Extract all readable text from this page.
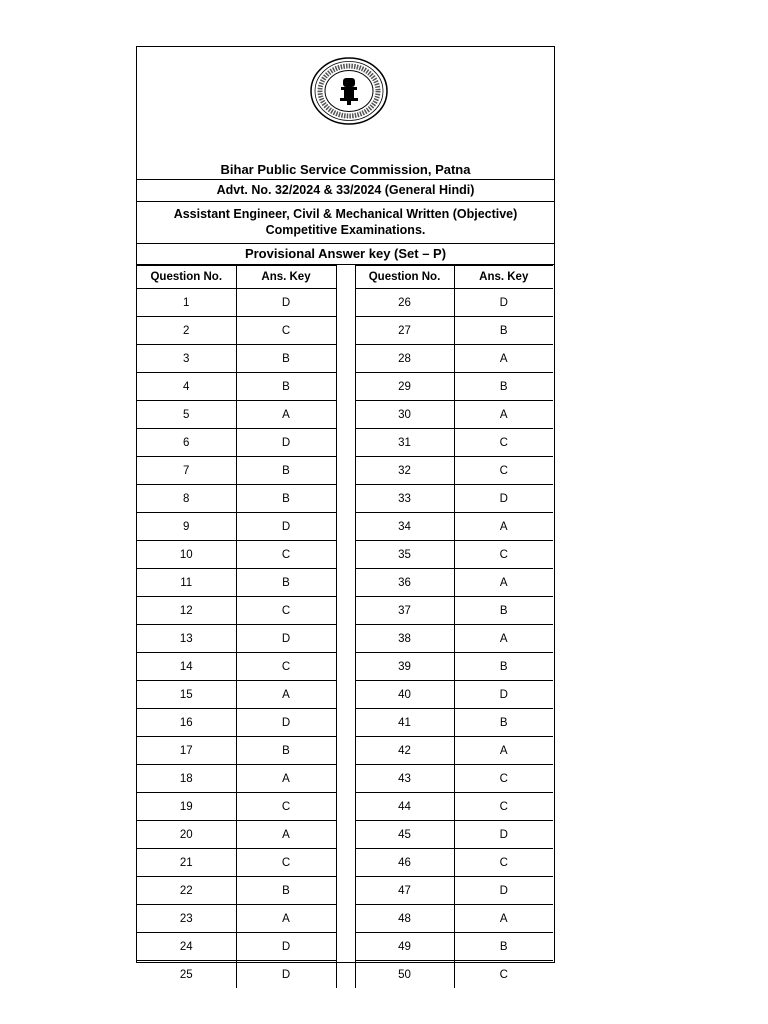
Bihar Public Service Commission, Patna
Advt. No. 32/2024 & 33/2024 (General Hindi)
Assistant Engineer, Civil & Mechanical Written (Objective)
Competitive Examinations.
Provisional Answer key (Set – P)
Question No.	Ans. Key		Question No.	Ans. Key
1	D		26	D
2	C		27	B
3	B		28	A
4	B		29	B
5	A		30	A
6	D		31	C
7	B		32	C
8	B		33	D
9	D		34	A
10	C		35	C
11	B		36	A
12	C		37	B
13	D		38	A
14	C		39	B
15	A		40	D
16	D		41	B
17	B		42	A
18	A		43	C
19	C		44	C
20	A		45	D
21	C		46	C
22	B		47	D
23	A		48	A
24	D		49	B
25	D		50	C
